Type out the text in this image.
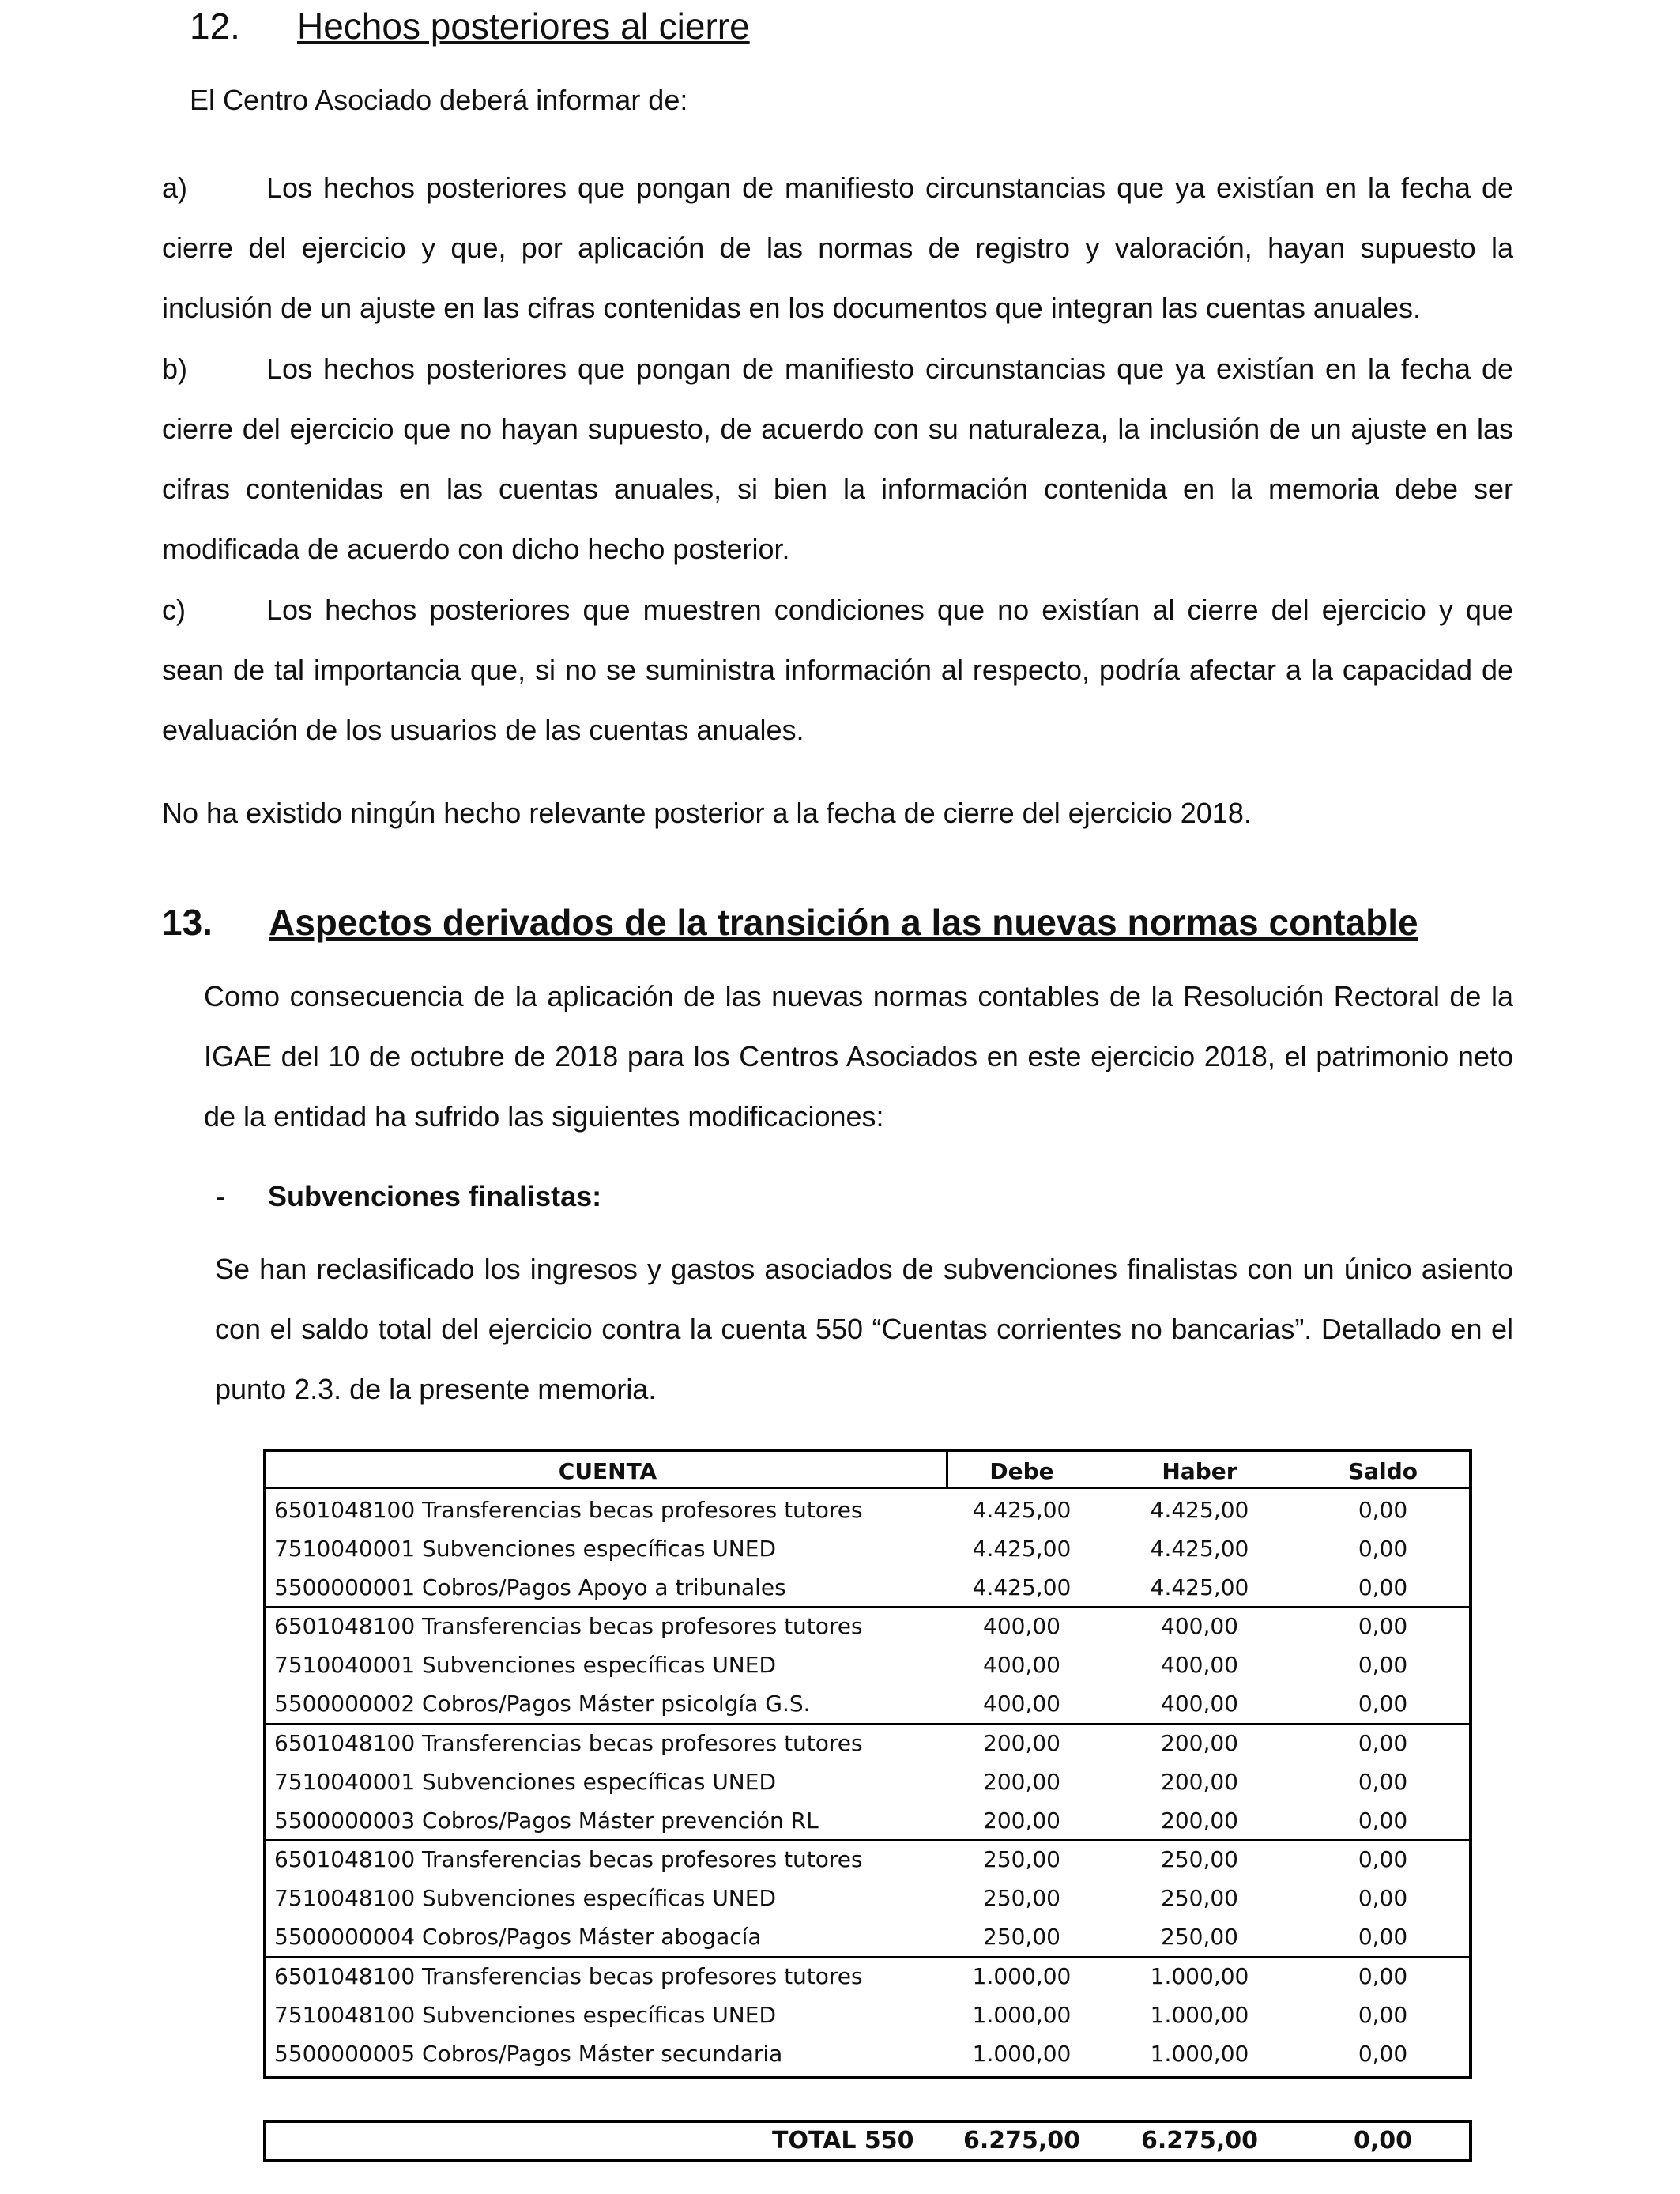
12. Hechos posteriores al cierre
El Centro Asociado deberá informar de:
a)	Los hechos posteriores que pongan de manifiesto circunstancias que ya existían en la fecha de cierre del ejercicio y que, por aplicación de las normas de registro y valoración, hayan supuesto la inclusión de un ajuste en las cifras contenidas en los documentos que integran las cuentas anuales.
b)	Los hechos posteriores que pongan de manifiesto circunstancias que ya existían en la fecha de cierre del ejercicio que no hayan supuesto, de acuerdo con su naturaleza, la inclusión de un ajuste en las cifras contenidas en las cuentas anuales, si bien la información contenida en la memoria debe ser modificada de acuerdo con dicho hecho posterior.
c)	Los hechos posteriores que muestren condiciones que no existían al cierre del ejercicio y que sean de tal importancia que, si no se suministra información al respecto, podría afectar a la capacidad de evaluación de los usuarios de las cuentas anuales.
No ha existido ningún hecho relevante posterior a la fecha de cierre del ejercicio 2018.
13. Aspectos derivados de la transición a las nuevas normas contable
Como consecuencia de la aplicación de las nuevas normas contables de la Resolución Rectoral de la IGAE del 10 de octubre de 2018 para los Centros Asociados en este ejercicio 2018, el patrimonio neto de la entidad ha sufrido las siguientes modificaciones:
- Subvenciones finalistas:
Se han reclasificado los ingresos y gastos asociados de subvenciones finalistas con un único asiento con el saldo total del ejercicio contra la cuenta 550 “Cuentas corrientes no bancarias”. Detallado en el punto 2.3. de la presente memoria.
CUENTA	Debe	Haber	Saldo
6501048100 Transferencias becas profesores tutores	4.425,00	4.425,00	0,00
7510040001 Subvenciones específicas UNED	4.425,00	4.425,00	0,00
5500000001 Cobros/Pagos Apoyo a tribunales	4.425,00	4.425,00	0,00
6501048100 Transferencias becas profesores tutores	400,00	400,00	0,00
7510040001 Subvenciones específicas UNED	400,00	400,00	0,00
5500000002 Cobros/Pagos Máster psicolgía G.S.	400,00	400,00	0,00
6501048100 Transferencias becas profesores tutores	200,00	200,00	0,00
7510040001 Subvenciones específicas UNED	200,00	200,00	0,00
5500000003 Cobros/Pagos Máster prevención RL	200,00	200,00	0,00
6501048100 Transferencias becas profesores tutores	250,00	250,00	0,00
7510048100 Subvenciones específicas UNED	250,00	250,00	0,00
5500000004 Cobros/Pagos Máster abogacía	250,00	250,00	0,00
6501048100 Transferencias becas profesores tutores	1.000,00	1.000,00	0,00
7510048100 Subvenciones específicas UNED	1.000,00	1.000,00	0,00
5500000005 Cobros/Pagos Máster secundaria	1.000,00	1.000,00	0,00
TOTAL 550	6.275,00	6.275,00	0,00
